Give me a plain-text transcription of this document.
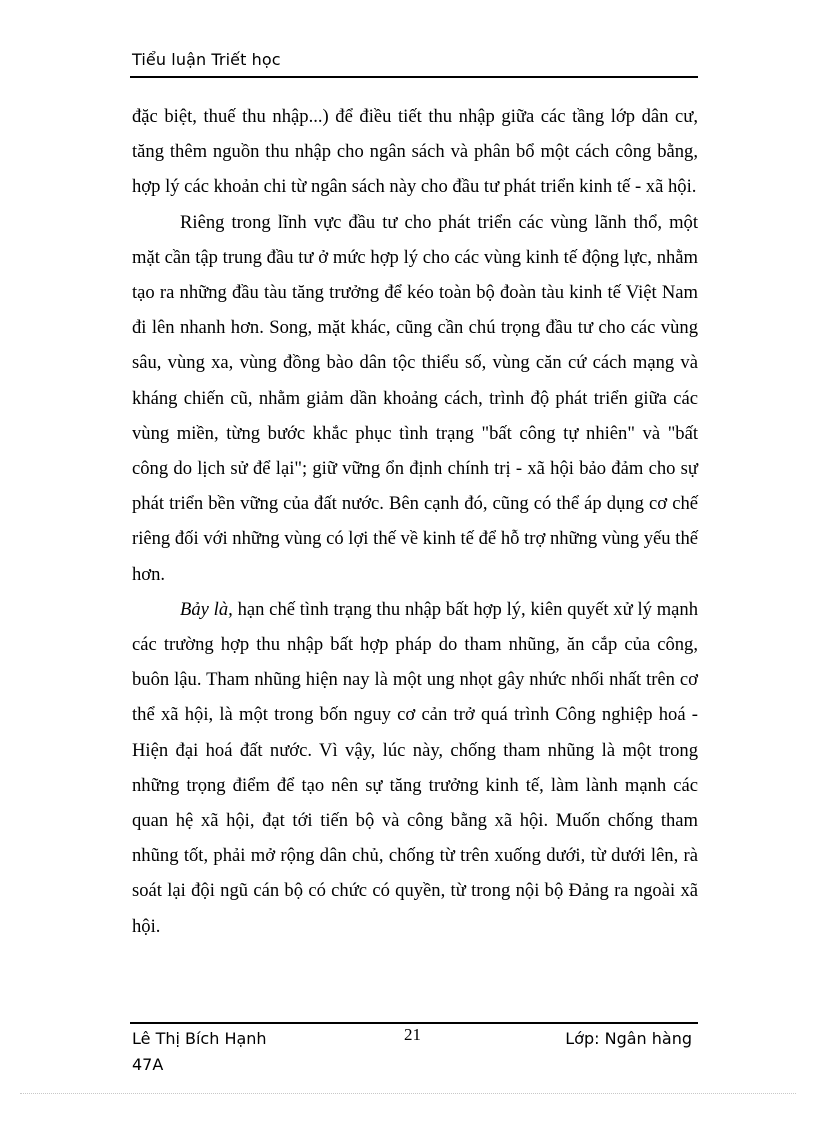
Tiểu luận Triết học

đặc biệt, thuế thu nhập...) để điều tiết thu nhập giữa các tầng lớp dân cư, tăng thêm nguồn thu nhập cho ngân sách và phân bổ một cách công bằng, hợp lý các khoản chi từ ngân sách này cho đầu tư phát triển kinh tế - xã hội.

Riêng trong lĩnh vực đầu tư cho phát triển các vùng lãnh thổ, một mặt cần tập trung đầu tư ở mức hợp lý cho các vùng kinh tế động lực, nhằm tạo ra những đầu tàu tăng trưởng để kéo toàn bộ đoàn tàu kinh tế Việt Nam đi lên nhanh hơn. Song, mặt khác, cũng cần chú trọng đầu tư cho các vùng sâu, vùng xa, vùng đồng bào dân tộc thiểu số, vùng căn cứ cách mạng và kháng chiến cũ, nhằm giảm dần khoảng cách, trình độ phát triển giữa các vùng miền, từng bước khắc phục tình trạng "bất công tự nhiên" và "bất công do lịch sử để lại"; giữ vững ổn định chính trị - xã hội bảo đảm cho sự phát triển bền vững của đất nước. Bên cạnh đó, cũng có thể áp dụng cơ chế riêng đối với những vùng có lợi thế về kinh tế để hỗ trợ những vùng yếu thế hơn.

Bảy là, hạn chế tình trạng thu nhập bất hợp lý, kiên quyết xử lý mạnh các trường hợp thu nhập bất hợp pháp do tham nhũng, ăn cắp của công, buôn lậu. Tham nhũng hiện nay là một ung nhọt gây nhức nhối nhất trên cơ thể xã hội, là một trong bốn nguy cơ cản trở quá trình Công nghiệp hoá - Hiện đại hoá đất nước. Vì vậy, lúc này, chống tham nhũng là một trong những trọng điểm để tạo nên sự tăng trưởng kinh tế, làm lành mạnh các quan hệ xã hội, đạt tới tiến bộ và công bằng xã hội. Muốn chống tham nhũng tốt, phải mở rộng dân chủ, chống từ trên xuống dưới, từ dưới lên, rà soát lại đội ngũ cán bộ có chức có quyền, từ trong nội bộ Đảng ra ngoài xã hội.

Lê Thị Bích Hạnh
47A
21	Lớp: Ngân hàng
